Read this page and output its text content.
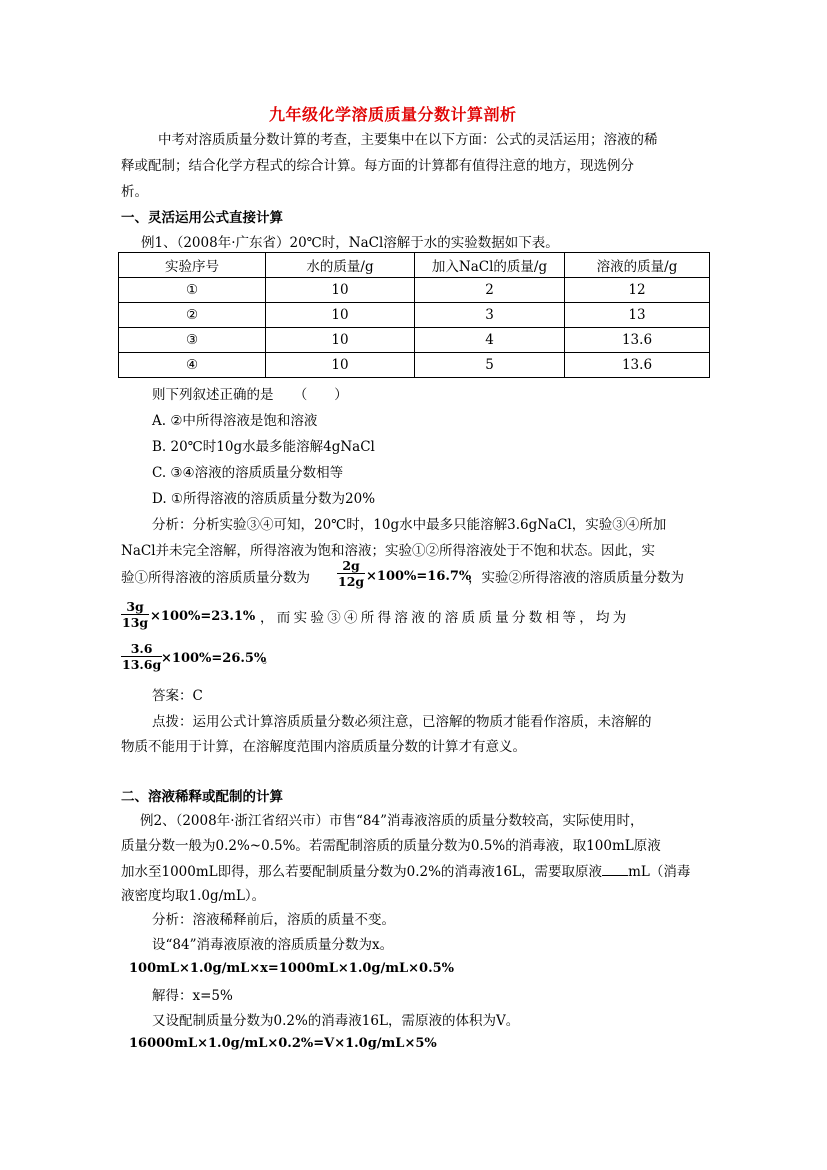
九年级化学溶质质量分数计算剖析
中考对溶质质量分数计算的考查，主要集中在以下方面：公式的灵活运用；溶液的稀
释或配制；结合化学方程式的综合计算。每方面的计算都有值得注意的地方，现选例分
析。
一、灵活运用公式直接计算
例1、（2008年·广东省）20℃时，NaCl溶解于水的实验数据如下表。
实验序号	水的质量/g	加入NaCl的质量/g	溶液的质量/g
①	10	2	12
②	10	3	13
③	10	4	13.6
④	10	5	13.6
则下列叙述正确的是　　（　　）
A. ②中所得溶液是饱和溶液
B. 20℃时10g水最多能溶解4gNaCl
C. ③④溶液的溶质质量分数相等
D. ①所得溶液的溶质质量分数为20%
分析：分析实验③④可知，20℃时，10g水中最多只能溶解3.6gNaCl，实验③④所加
NaCl并未完全溶解，所得溶液为饱和溶液；实验①②所得溶液处于不饱和状态。因此，实
验①所得溶液的溶质质量分数为 $\frac{2g}{12g} \times 100\%=16.7\%$
，实验②所得溶液的溶质质量分数为
$\frac{3g}{13g} \times 100\%=23.1\%$ ，而实验③④所得溶液的溶质质量分数相等，均为
$\frac{3.6}{13.6g}$
×100%=26.5%
。
答案：C
点拨：运用公式计算溶质质量分数必须注意，已溶解的物质才能看作溶质，未溶解的
物质不能用于计算，在溶解度范围内溶质质量分数的计算才有意义。
二、溶液稀释或配制的计算
例2、（2008年·浙江省绍兴市）市售“84”消毒液溶质的质量分数较高，实际使用时，
质量分数一般为0.2%~0.5%。若需配制溶质的质量分数为0.5%的消毒液，取100mL原液
加水至1000mL即得，那么若要配制质量分数为0.2%的消毒液16L，需要取原液 mL（消毒
液密度均取1.0g/mL）。
分析：溶液稀释前后，溶质的质量不变。
设“84”消毒液原液的溶质质量分数为x。
100mL×1.0g/mL×x=1000mL×1.0g/mL×0.5%
解得：x=5%
又设配制质量分数为0.2%的消毒液16L，需原液的体积为V。
16000mL×1.0g/mL×0.2%=V×1.0g/mL×5%
